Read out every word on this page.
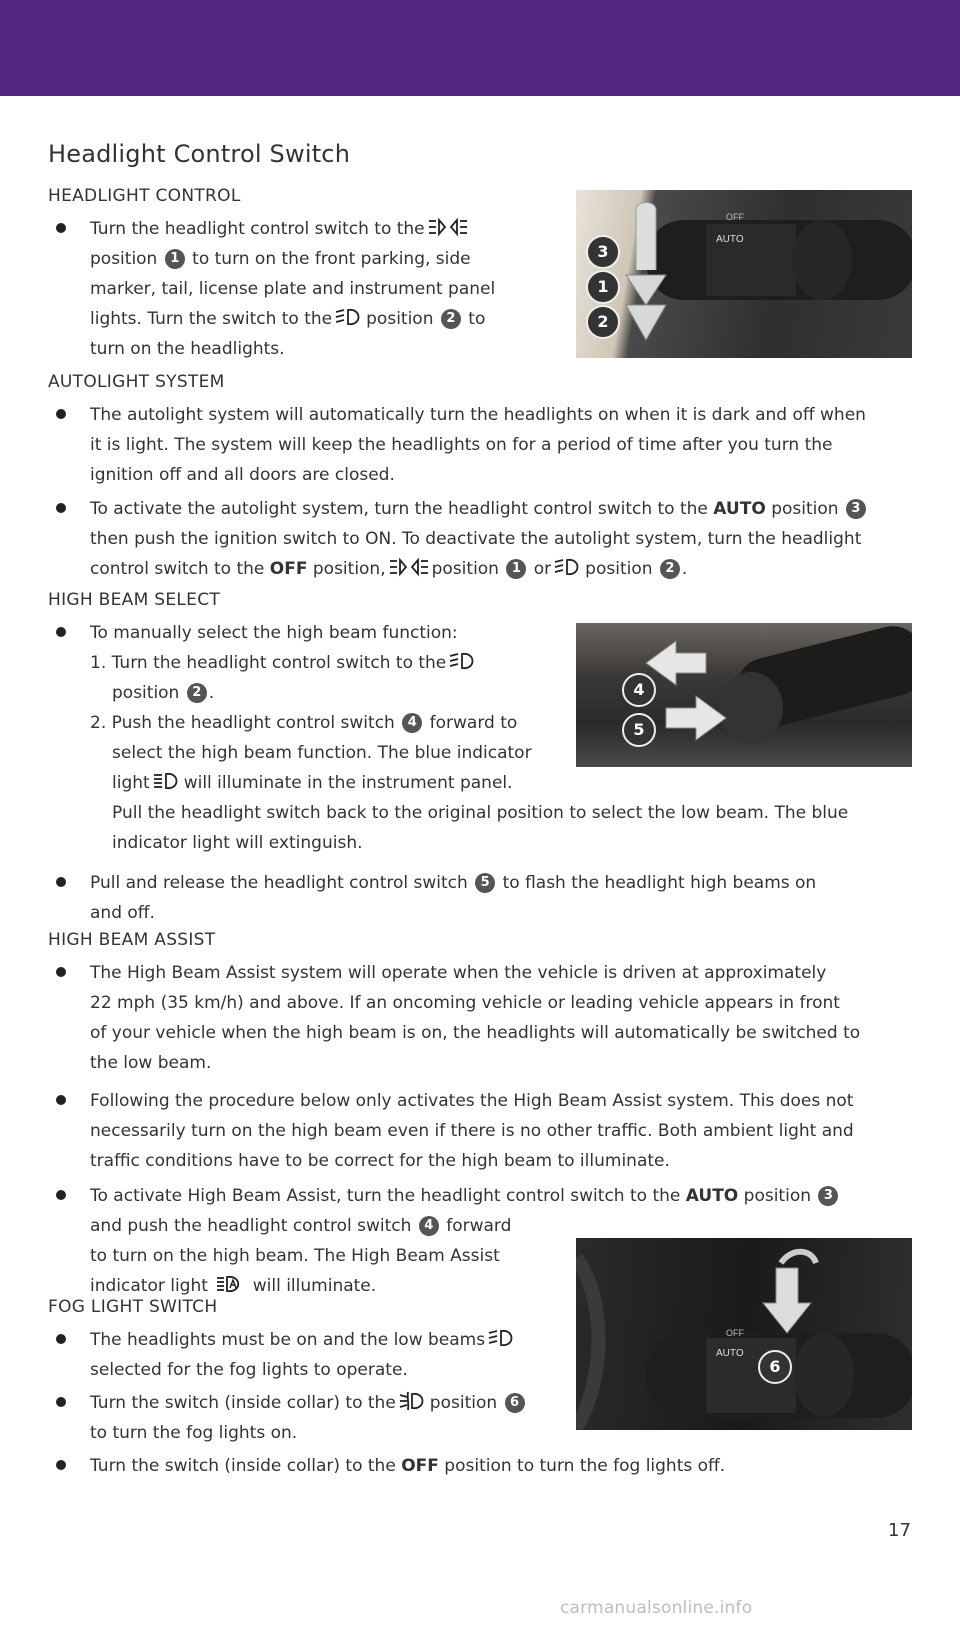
Headlight Control Switch
HEADLIGHT CONTROL
Turn the headlight control switch to the
position 1 to turn on the front parking, side
marker, tail, license plate and instrument panel
lights. Turn the switch to the position 2 to
turn on the headlights.
AUTO
OFF
3
1
2
AUTOLIGHT SYSTEM
The autolight system will automatically turn the headlights on when it is dark and off when
it is light. The system will keep the headlights on for a period of time after you turn the
ignition off and all doors are closed.
To activate the autolight system, turn the headlight control switch to the AUTO position 3
then push the ignition switch to ON. To deactivate the autolight system, turn the headlight
control switch to the OFF position,	position 1 or position 2 .
HIGH BEAM SELECT
To manually select the high beam function:
1. Turn the headlight control switch to the
position 2 .
2. Push the headlight control switch 4 forward to
select the high beam function. The blue indicator
light will illuminate in the instrument panel.
Pull the headlight switch back to the original position to select the low beam. The blue
indicator light will extinguish.
4
5
Pull and release the headlight control switch 5 to flash the headlight high beams on
and off.
HIGH BEAM ASSIST
The High Beam Assist system will operate when the vehicle is driven at approximately
22 mph (35 km/h) and above. If an oncoming vehicle or leading vehicle appears in front
of your vehicle when the high beam is on, the headlights will automatically be switched to
the low beam.
Following the procedure below only activates the High Beam Assist system. This does not
necessarily turn on the high beam even if there is no other traffic. Both ambient light and
traffic conditions have to be correct for the high beam to illuminate.
To activate High Beam Assist, turn the headlight control switch to the AUTO position 3
and push the headlight control switch 4 forward
to turn on the high beam. The High Beam Assist
indicator light	will illuminate.
AUTO
OFF
6
FOG LIGHT SWITCH
The headlights must be on and the low beams
selected for the fog lights to operate.
Turn the switch (inside collar) to the position 6
to turn the fog lights on.
Turn the switch (inside collar) to the OFF position to turn the fog lights off.
17
carmanualsonline.info
